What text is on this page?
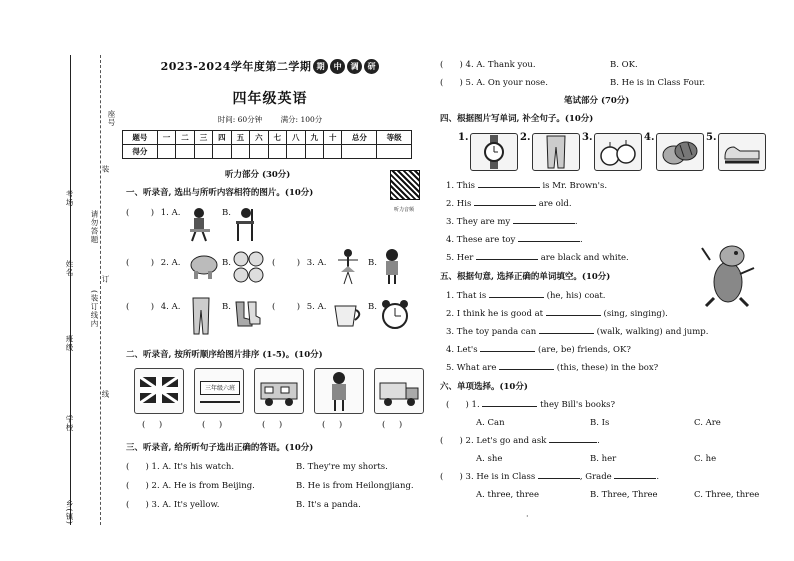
座号
装
考场
请勿答题
姓名
(装订线内
订
班级
线
学校
乡(镇)
2023-2024学年度第二学期 期	中	调	研
四年级英语
时间: 60分钟 满分: 100分
题号	一	二	三	四	五	六	七	八	九	十	总分	等级
得分												
听力部分 (30分)
听力音频
一、听录音, 选出与所听内容相符的图片。(10分)
(	) 1. A.	B.
(	) 2. A.	B.	(	) 3. A.	B.
(	) 4. A.	B.	(	) 5. A.	B.
二、听录音, 按所听顺序给图片排序 (1-5)。(10分)
三年级六班
(     )	(     )	(     )	(     )	(     )
三、听录音, 给所听句子选出正确的答语。(10分)
(      ) 1. A. It's his watch.	B. They're my shorts.
(      ) 2. A. He is from Beijing.	B. He is from Heilongjiang.
(      ) 3. A. It's yellow.	B. It's a panda.
(      ) 4. A. Thank you.	B. OK.
(      ) 5. A. On your nose.	B. He is in Class Four.
笔试部分 (70分)
四、根据图片写单词, 补全句子。(10分)
1.	2.	3.	4.	5.
1. This	is Mr. Brown's.
2. His	are old.
3. They are my	.
4. These are toy	.
5. Her	are black and white.
五、根据句意, 选择正确的单词填空。(10分)
1. That is	(he, his) coat.
2. I think he is good at	(sing, singing).
3. The toy panda can	(walk, walking) and jump.
4. Let's	(are, be) friends, OK?
5. What are	(this, these) in the box?
六、单项选择。(10分)
(      ) 1.	they Bill's books?
A. Can	B. Is	C. Are
(      ) 2. Let's go and ask	.
A. she	B. her	C. he
(      ) 3. He is in Class	, Grade	.
A. three, three	B. Three, Three	C. Three, three
·
